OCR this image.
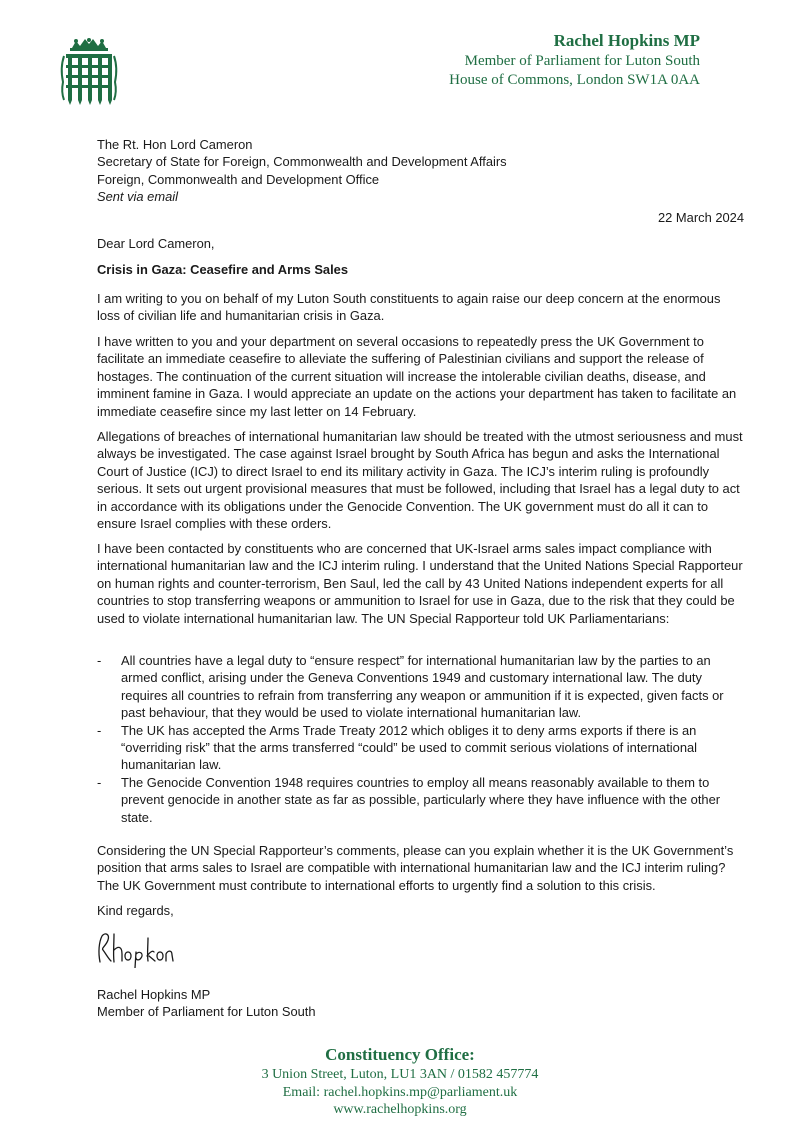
Rachel Hopkins MP
Member of Parliament for Luton South
House of Commons, London SW1A 0AA
The Rt. Hon Lord Cameron
Secretary of State for Foreign, Commonwealth and Development Affairs
Foreign, Commonwealth and Development Office
Sent via email
22 March 2024
Dear Lord Cameron,
Crisis in Gaza: Ceasefire and Arms Sales

I am writing to you on behalf of my Luton South constituents to again raise our deep concern at the enormous loss of civilian life and humanitarian crisis in Gaza.

I have written to you and your department on several occasions to repeatedly press the UK Government to facilitate an immediate ceasefire to alleviate the suffering of Palestinian civilians and support the release of hostages. The continuation of the current situation will increase the intolerable civilian deaths, disease, and imminent famine in Gaza. I would appreciate an update on the actions your department has taken to facilitate an immediate ceasefire since my last letter on 14 February.

Allegations of breaches of international humanitarian law should be treated with the utmost seriousness and must always be investigated. The case against Israel brought by South Africa has begun and asks the International Court of Justice (ICJ) to direct Israel to end its military activity in Gaza. The ICJ’s interim ruling is profoundly serious. It sets out urgent provisional measures that must be followed, including that Israel has a legal duty to act in accordance with its obligations under the Genocide Convention. The UK government must do all it can to ensure Israel complies with these orders.

I have been contacted by constituents who are concerned that UK-Israel arms sales impact compliance with international humanitarian law and the ICJ interim ruling. I understand that the United Nations Special Rapporteur on human rights and counter-terrorism, Ben Saul, led the call by 43 United Nations independent experts for all countries to stop transferring weapons or ammunition to Israel for use in Gaza, due to the risk that they could be used to violate international humanitarian law. The UN Special Rapporteur told UK Parliamentarians:

- All countries have a legal duty to “ensure respect” for international humanitarian law by the parties to an armed conflict, arising under the Geneva Conventions 1949 and customary international law. The duty requires all countries to refrain from transferring any weapon or ammunition if it is expected, given facts or past behaviour, that they would be used to violate international humanitarian law.
- The UK has accepted the Arms Trade Treaty 2012 which obliges it to deny arms exports if there is an “overriding risk” that the arms transferred “could” be used to commit serious violations of international humanitarian law.
- The Genocide Convention 1948 requires countries to employ all means reasonably available to them to prevent genocide in another state as far as possible, particularly where they have influence with the other state.

Considering the UN Special Rapporteur’s comments, please can you explain whether it is the UK Government’s position that arms sales to Israel are compatible with international humanitarian law and the ICJ interim ruling? The UK Government must contribute to international efforts to urgently find a solution to this crisis.

Kind regards,
Rachel Hopkins MP
Member of Parliament for Luton South
Constituency Office:
3 Union Street, Luton, LU1 3AN / 01582 457774
Email: rachel.hopkins.mp@parliament.uk
www.rachelhopkins.org
